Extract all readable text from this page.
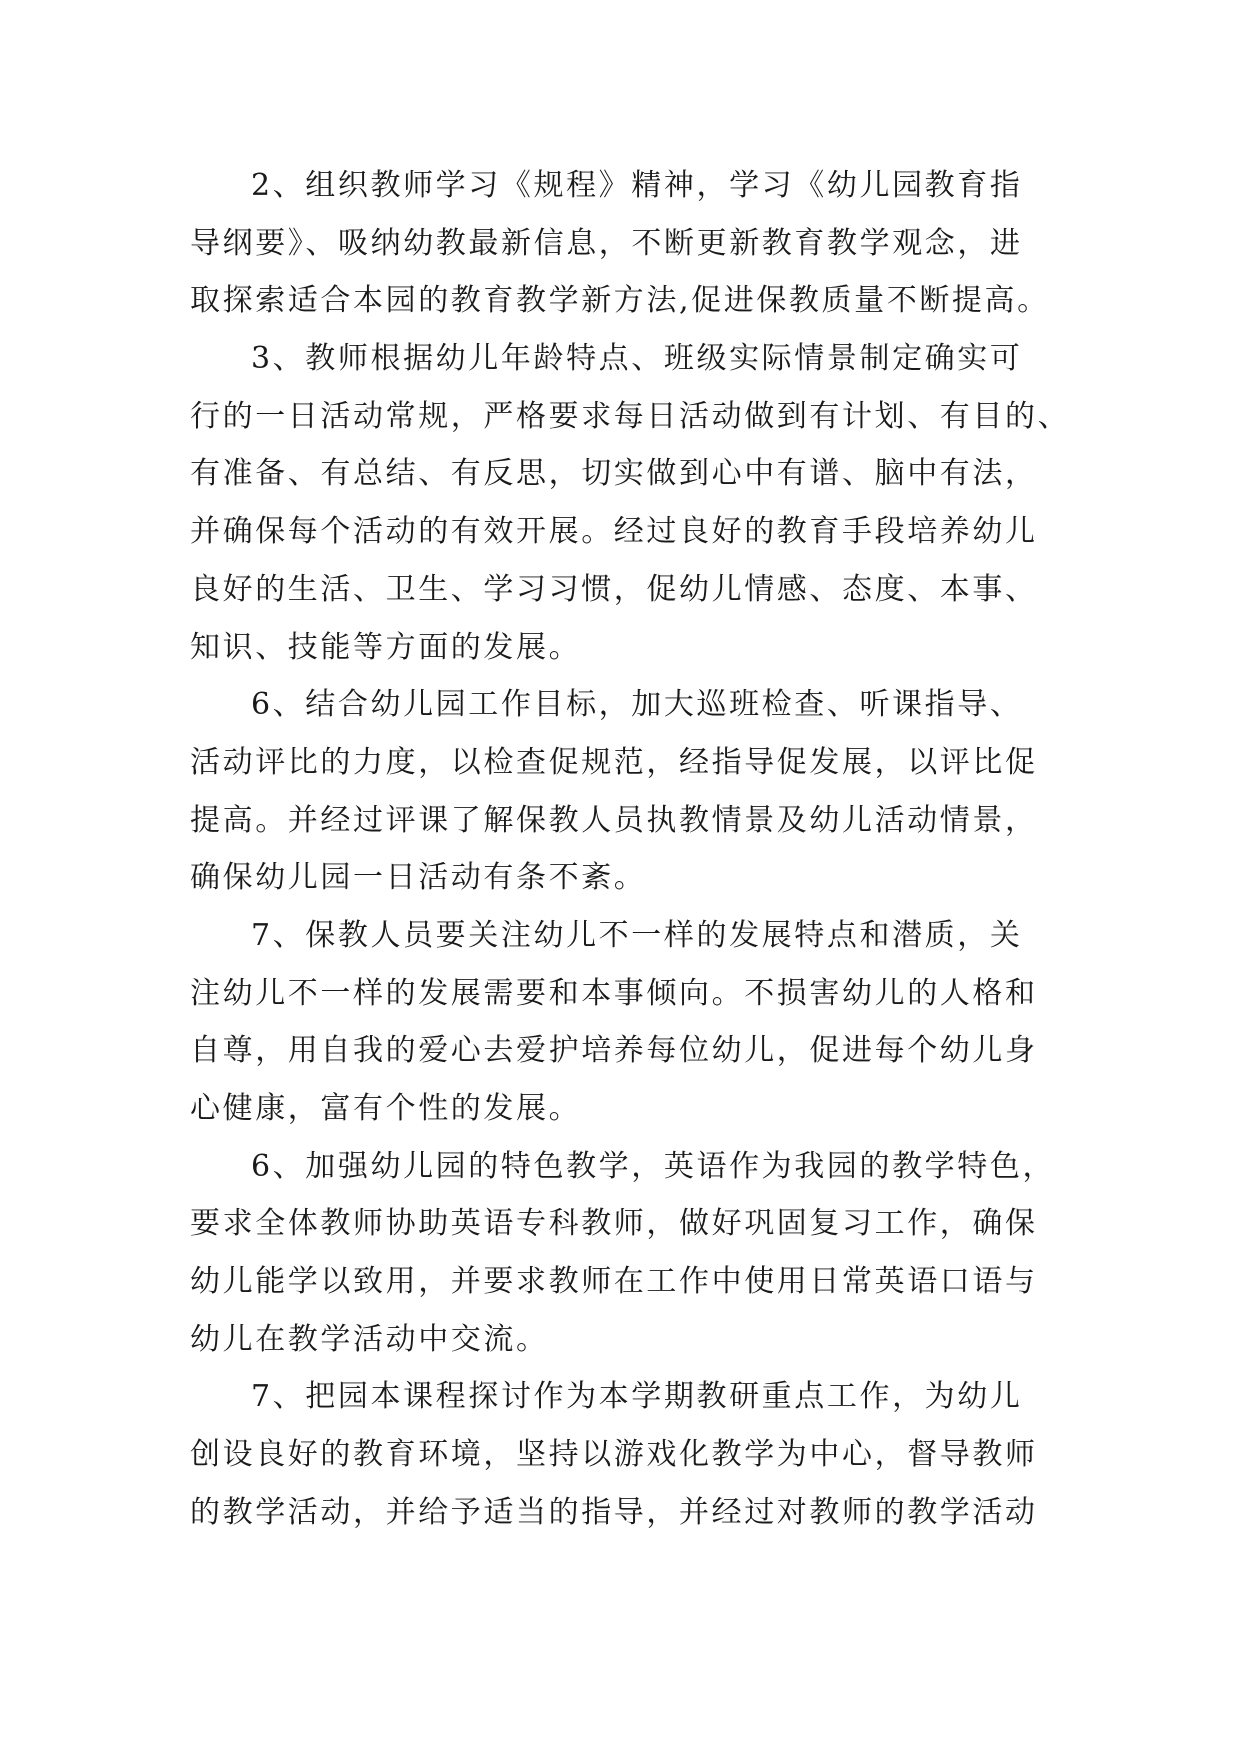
2、组织教师学习《规程》精神，学习《幼儿园教育指
导纲要》、吸纳幼教最新信息，不断更新教育教学观念，进
取探索适合本园的教育教学新方法,促进保教质量不断提高。
3、教师根据幼儿年龄特点、班级实际情景制定确实可
行的一日活动常规，严格要求每日活动做到有计划、有目的、
有准备、有总结、有反思，切实做到心中有谱、脑中有法，
并确保每个活动的有效开展。经过良好的教育手段培养幼儿
良好的生活、卫生、学习习惯，促幼儿情感、态度、本事、
知识、技能等方面的发展。
6、结合幼儿园工作目标，加大巡班检查、听课指导、
活动评比的力度，以检查促规范，经指导促发展，以评比促
提高。并经过评课了解保教人员执教情景及幼儿活动情景，
确保幼儿园一日活动有条不紊。
7、保教人员要关注幼儿不一样的发展特点和潜质，关
注幼儿不一样的发展需要和本事倾向。不损害幼儿的人格和
自尊，用自我的爱心去爱护培养每位幼儿，促进每个幼儿身
心健康，富有个性的发展。
6、加强幼儿园的特色教学，英语作为我园的教学特色，
要求全体教师协助英语专科教师，做好巩固复习工作，确保
幼儿能学以致用，并要求教师在工作中使用日常英语口语与
幼儿在教学活动中交流。
7、把园本课程探讨作为本学期教研重点工作，为幼儿
创设良好的教育环境，坚持以游戏化教学为中心，督导教师
的教学活动，并给予适当的指导，并经过对教师的教学活动
